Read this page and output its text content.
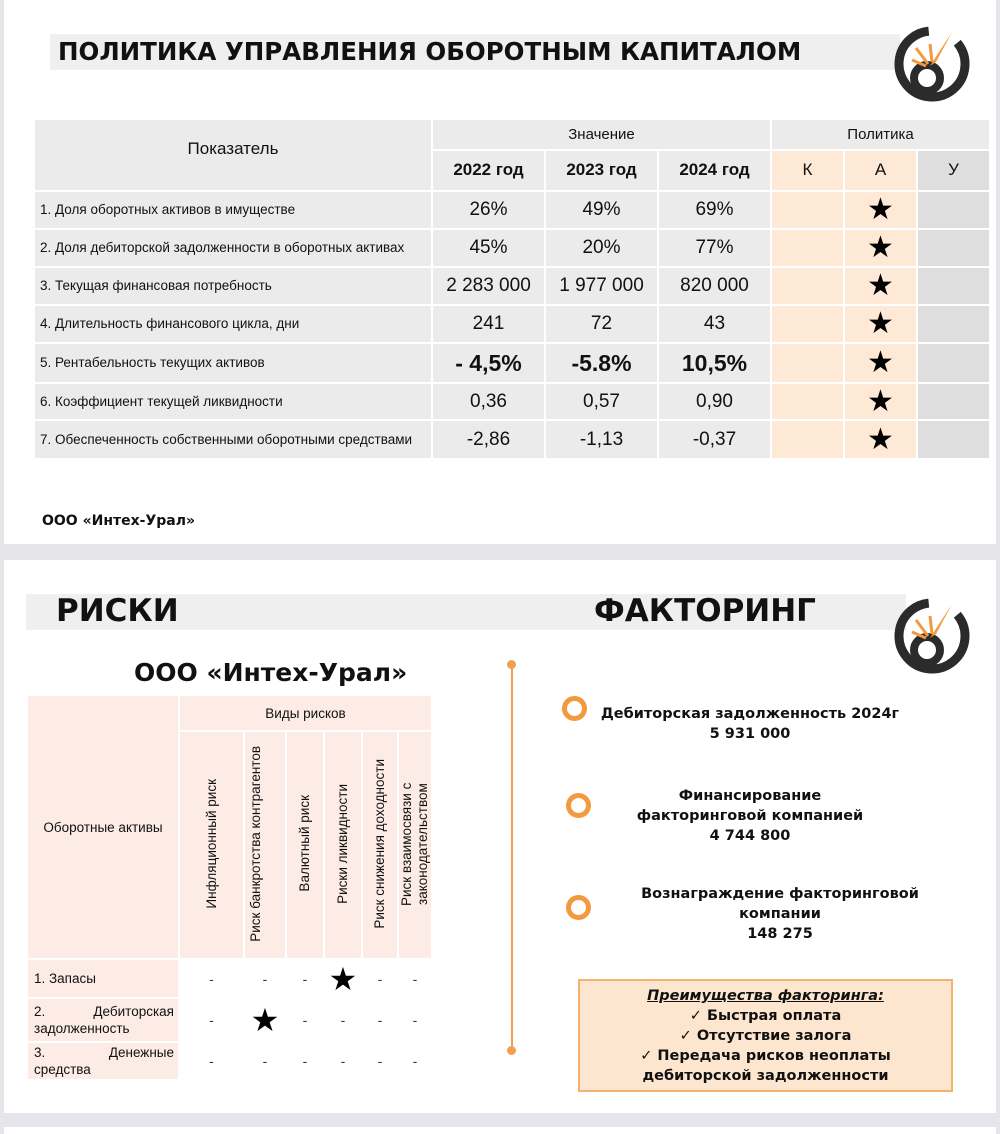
ПОЛИТИКА УПРАВЛЕНИЯ ОБОРОТНЫМ КАПИТАЛОМ
Показатель	Значение			Политика		
	2022 год	2023 год	2024 год	К	А	У
1. Доля оборотных активов в имуществе	26%	49%	69%		★	
2. Доля дебиторской задолженности в оборотных активах	45%	20%	77%		★	
3. Текущая финансовая потребность	2 283 000	1 977 000	820 000		★	
4. Длительность финансового цикла, дни	241	72	43		★	
5. Рентабельность текущих активов	- 4,5%	-5.8%	10,5%		★	
6. Коэффициент текущей ликвидности	0,36	0,57	0,90		★	
7. Обеспеченность собственными оборотными средствами	-2,86	-1,13	-0,37		★	
ООО «Интех-Урал»
РИСКИ	ФАКТОРИНГ
ООО «Интех-Урал»
Оборотные активы	Виды рисков					
	Инфляционный риск	Риск банкротства контрагентов	Валютный риск	Риски ликвидности	Риск снижения доходности	Риск взаимосвязи с законодательством
1. Запасы	-	-	-	★	-	-
2. Дебиторская задолженность	-	★	-	-	-	-
3. Денежные средства	-	-	-	-	-	-
Дебиторская задолженность 2024г
5 931 000
Финансирование факторинговой компанией
4 744 800
Вознаграждение факторинговой компании
148 275
Преимущества факторинга:
✓ Быстрая оплата
✓ Отсутствие залога
✓ Передача рисков неоплаты дебиторской задолженности
